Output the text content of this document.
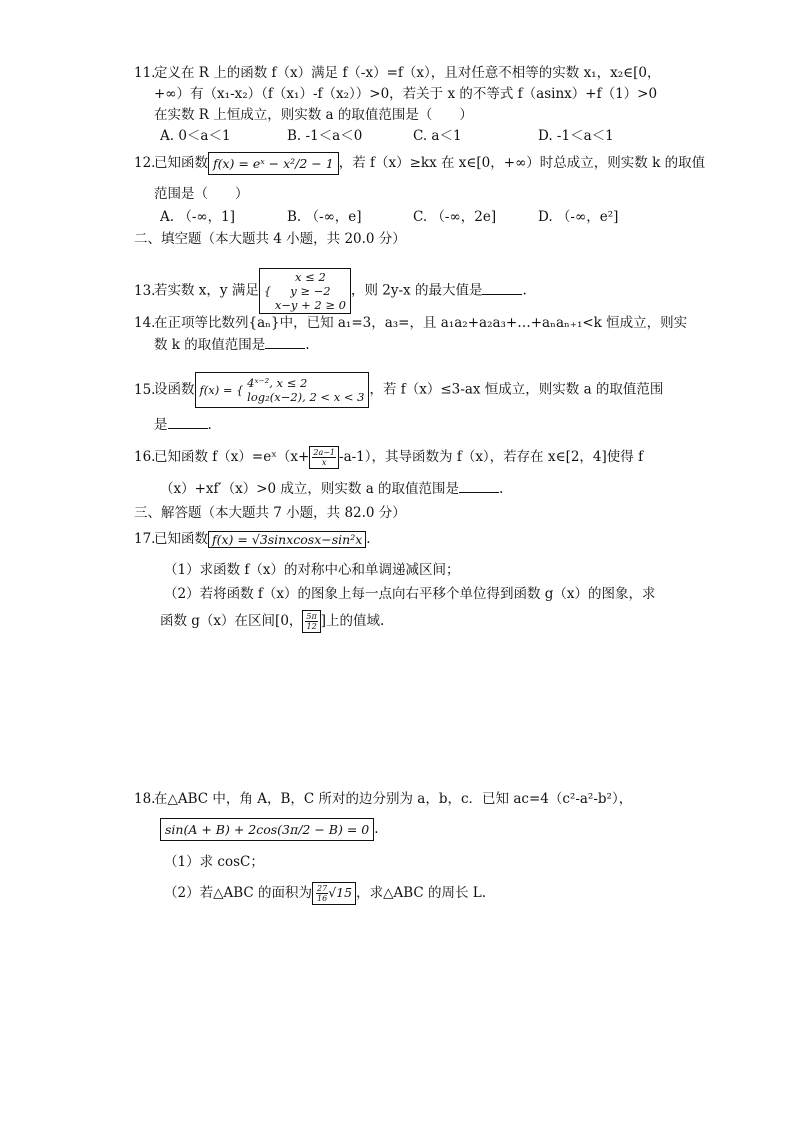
11.定义在 R 上的函数 f（x）满足 f（-x）=f（x），且对任意不相等的实数 x₁，x₂∈[0，
+∞）有（x₁-x₂）（f（x₁）-f（x₂））>0，若关于 x 的不等式 f（asinx）+f（1）>0
在实数 R 上恒成立，则实数 a 的取值范围是（　　）
A. 0＜a＜1	B. -1＜a＜0	C. a＜1	D. -1＜a＜1
12.已知函数 f(x) = eˣ − x²/2 − 1 ，若 f（x）≥kx 在 x∈[0，+∞）时总成立，则实数 k 的取值
范围是（　　）
A. （-∞，1]	B. （-∞，e]	C. （-∞，2e]	D. （-∞，e²]
二、填空题（本大题共 4 小题，共 20.0 分）
13.若实数 x，y 满足 {
x ≤ 2
y ≥ −2
x−y + 2 ≥ 0
，则 2y-x 的最大值是	.
14.在正项等比数列{aₙ}中，已知 a₁=3，a₃=，且 a₁a₂+a₂a₃+…+aₙaₙ₊₁<k 恒成立，则实
数 k 的取值范围是	.
15.设函数 f(x) = { 4ˣ⁻², x ≤ 2
log₂(x−2), 2 < x < 3 ，若 f（x）≤3-ax 恒成立，则实数 a 的取值范围
是	.
16.已知函数 f（x）=eˣ（x+ $\frac{2a-1}{x} -a-1$），其导函数为 f（x），若存在 x∈[2，4]使得 f
（x）+xf′（x）>0 成立，则实数 a 的取值范围是	.
三、解答题（本大题共 7 小题，共 82.0 分）
17.已知函数 f(x) = √3sinxcosx−sin²x .
（1）求函数 f（x）的对称中心和单调递减区间；
（2）若将函数 f（x）的图象上每一点向右平移个单位得到函数 g（x）的图象，求
函数 g（x）在区间[0， $\frac{5\pi}{12}$ ]上的值域.
18.在△ABC 中，角 A，B，C 所对的边分别为 a，b，c．已知 ac=4（c²-a²-b²），
sin(A + B) + 2cos(3π/2 − B) = 0 .
（1）求 cosC；
（2）若△ABC 的面积为 $\frac{27}{16} √15$ ，求△ABC 的周长 L.
